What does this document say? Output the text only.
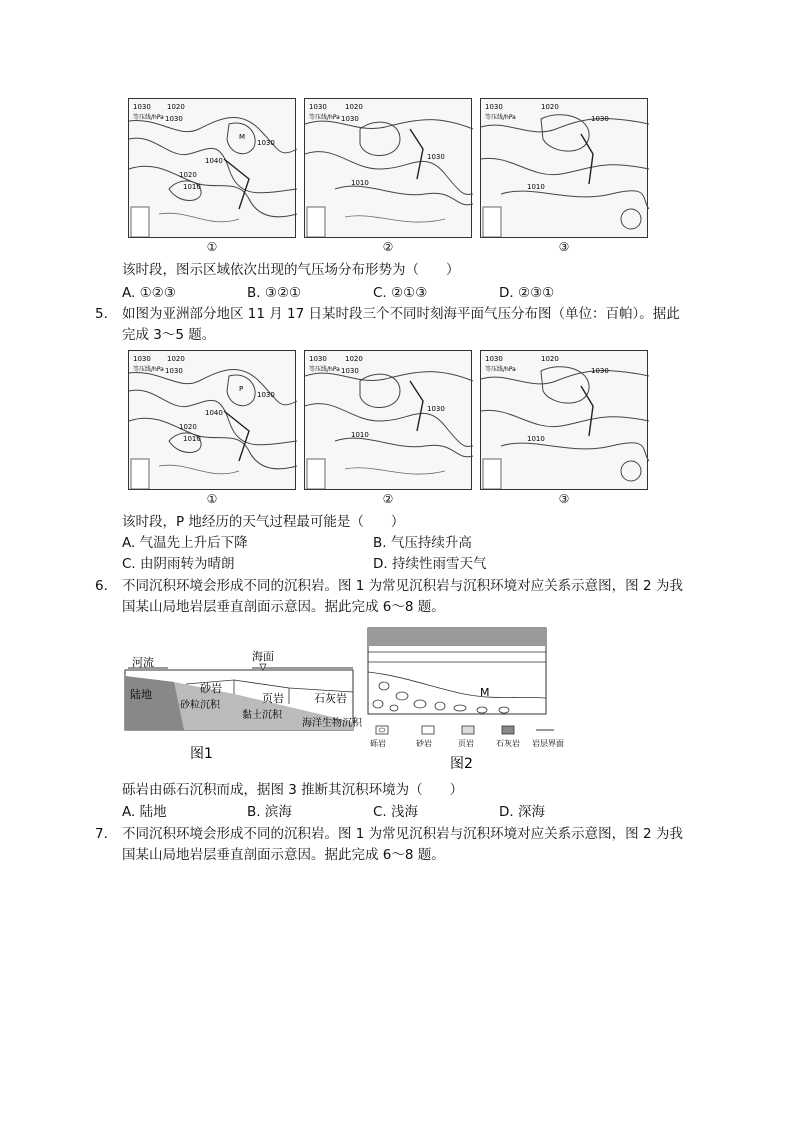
1030 1020
1030
1010
1020
1040
1030
等压线/hPa
M
1030	1020
1030
1010
1030
等压线/hPa
1030	1020
1010
1030
等压线/hPa
①	②	③
该时段，图示区域依次出现的气压场分布形势为（　　）
A. ①②③	B. ③②①	C. ②①③	D. ②③①
5. 如图为亚洲部分地区 11 月 17 日某时段三个不同时刻海平面气压分布图（单位：百帕）。据此
完成 3～5 题。
1030 1020
1030
1010
1020
1040
1030
等压线/hPa
P
1030	1020
1030
1010
1030
等压线/hPa
1030	1020
1010
1030
等压线/hPa
①	②	③
该时段，P 地经历的天气过程最可能是（　　）
A. 气温先上升后下降	B. 气压持续升高
C. 由阴雨转为晴朗	D. 持续性雨雪天气
6. 不同沉积环境会形成不同的沉积岩。图 1 为常见沉积岩与沉积环境对应关系示意图，图 2 为我
国某山局地岩层垂直剖面示意因。据此完成 6～8 题。
河流	海面
陆地	砂岩
页岩	石灰岩
砂粒沉积
黏土沉积
海洋生物沉积
图1
M
砾岩	砂岩	页岩	石灰岩 岩层界面
图2
砾岩由砾石沉积而成，据图 3 推断其沉积环境为（　　）
A. 陆地	B. 滨海	C. 浅海	D. 深海
7. 不同沉积环境会形成不同的沉积岩。图 1 为常见沉积岩与沉积环境对应关系示意图，图 2 为我
国某山局地岩层垂直剖面示意因。据此完成 6～8 题。
